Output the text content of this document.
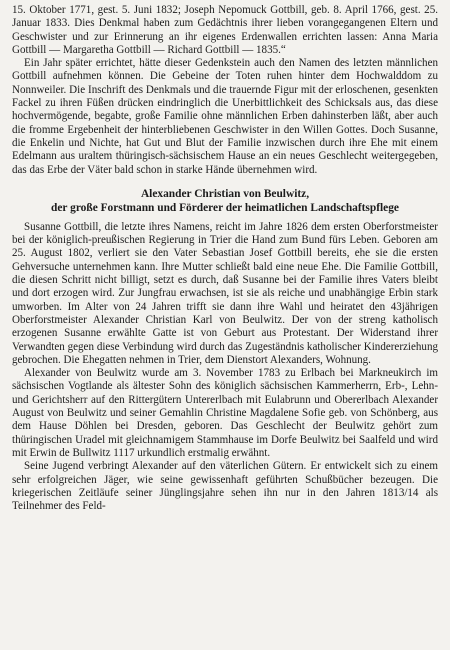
15. Oktober 1771, gest. 5. Juni 1832; Joseph Nepomuck Gottbill, geb. 8. April 1766, gest. 25. Januar 1833. Dies Denkmal haben zum Gedächtnis ihrer lieben vorangegangenen Eltern und Geschwister und zur Erinnerung an ihr eigenes Erdenwallen errichten lassen: Anna Maria Gottbill — Margaretha Gottbill — Richard Gottbill — 1835.“

Ein Jahr später errichtet, hätte dieser Gedenkstein auch den Namen des letzten männlichen Gottbill aufnehmen können. Die Gebeine der Toten ruhen hinter dem Hochwalddom zu Nonnweiler. Die Inschrift des Denkmals und die trauernde Figur mit der erloschenen, gesenkten Fackel zu ihren Füßen drücken eindringlich die Unerbittlichkeit des Schicksals aus, das diese hochvermögende, begabte, große Familie ohne männlichen Erben dahinsterben läßt, aber auch die fromme Ergebenheit der hinterbliebenen Geschwister in den Willen Gottes. Doch Susanne, die Enkelin und Nichte, hat Gut und Blut der Familie inzwischen durch ihre Ehe mit einem Edelmann aus uraltem thüringisch-sächsischem Hause an ein neues Geschlecht weitergegeben, das das Erbe der Väter bald schon in starke Hände übernehmen wird.

Alexander Christian von Beulwitz,
der große Forstmann und Förderer der heimatlichen Landschaftspflege

Susanne Gottbill, die letzte ihres Namens, reicht im Jahre 1826 dem ersten Oberforstmeister bei der königlich-preußischen Regierung in Trier die Hand zum Bund fürs Leben. Geboren am 25. August 1802, verliert sie den Vater Sebastian Josef Gottbill bereits, ehe sie die ersten Gehversuche unternehmen kann. Ihre Mutter schließt bald eine neue Ehe. Die Familie Gottbill, die diesen Schritt nicht billigt, setzt es durch, daß Susanne bei der Familie ihres Vaters bleibt und dort erzogen wird. Zur Jungfrau erwachsen, ist sie als reiche und unabhängige Erbin stark umworben. Im Alter von 24 Jahren trifft sie dann ihre Wahl und heiratet den 43jährigen Oberforstmeister Alexander Christian Karl von Beulwitz. Der von der streng katholisch erzogenen Susanne erwählte Gatte ist von Geburt aus Protestant. Der Widerstand ihrer Verwandten gegen diese Verbindung wird durch das Zugeständnis katholischer Kindererziehung gebrochen. Die Ehegatten nehmen in Trier, dem Dienstort Alexanders, Wohnung.

Alexander von Beulwitz wurde am 3. November 1783 zu Erlbach bei Markneukirch im sächsischen Vogtlande als ältester Sohn des königlich sächsischen Kammerherrn, Erb-, Lehn- und Gerichtsherr auf den Rittergütern Untererlbach mit Eulabrunn und Obererlbach Alexander August von Beulwitz und seiner Gemahlin Christine Magdalene Sofie geb. von Schönberg, aus dem Hause Döhlen bei Dresden, geboren. Das Geschlecht der Beulwitz gehört zum thüringischen Uradel mit gleichnamigem Stammhause im Dorfe Beulwitz bei Saalfeld und wird mit Erwin de Bullwitz 1117 urkundlich erstmalig erwähnt.

Seine Jugend verbringt Alexander auf den väterlichen Gütern. Er entwickelt sich zu einem sehr erfolgreichen Jäger, wie seine gewissenhaft geführten Schußbücher bezeugen. Die kriegerischen Zeitläufe seiner Jünglingsjahre sehen ihn nur in den Jahren 1813/14 als Teilnehmer des Feld-
